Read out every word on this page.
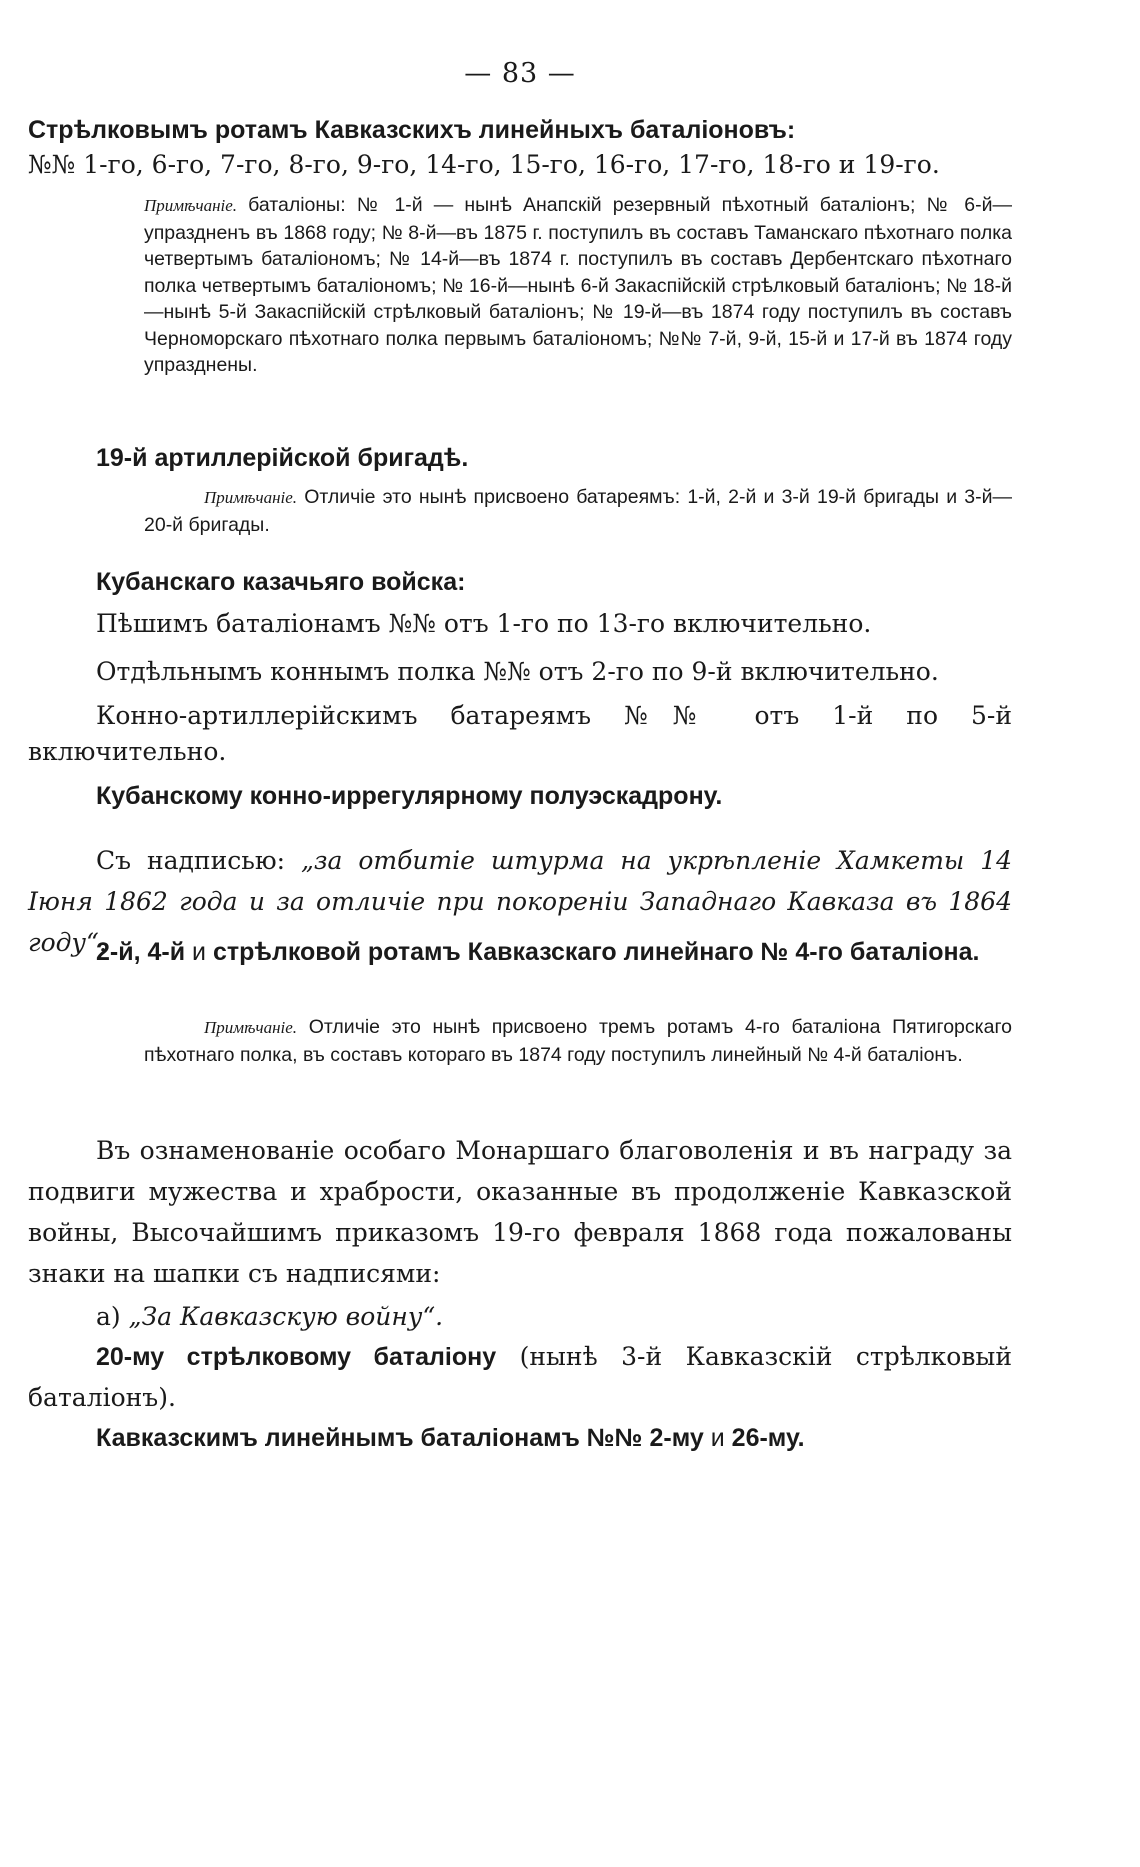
— 83 —
Стрѣлковымъ ротамъ Кавказскихъ линейныхъ баталіоновъ:
№№ 1-го, 6-го, 7-го, 8-го, 9-го, 14-го, 15-го, 16-го, 17-го, 18-го и 19-го.
Примѣчаніе. баталіоны: № 1-й — нынѣ Анапскій резервный пѣхотный баталіонъ; № 6-й—упраздненъ въ 1868 году; № 8-й—въ 1875 г. поступилъ въ составъ Таманскаго пѣхотнаго полка четвертымъ баталіономъ; № 14-й—въ 1874 г. поступилъ въ составъ Дербентскаго пѣхотнаго полка четвертымъ баталіономъ; № 16-й—нынѣ 6-й Закаспійскій стрѣлковый баталіонъ; № 18-й—нынѣ 5-й Закаспійскій стрѣлковый баталіонъ; № 19-й—въ 1874 году поступилъ въ составъ Черноморскаго пѣхотнаго полка первымъ баталіономъ; №№ 7-й, 9-й, 15-й и 17-й въ 1874 году упразднены.
19-й артиллерійской бригадѣ.
Примѣчаніе. Отличіе это нынѣ присвоено батареямъ: 1-й, 2-й и 3-й 19-й бригады и 3-й—20-й бригады.
Кубанскаго казачьяго войска:
Пѣшимъ баталіонамъ №№ отъ 1-го по 13-го включительно.
Отдѣльнымъ коннымъ полка №№ отъ 2-го по 9-й включительно.
Конно-артиллерійскимъ батареямъ №№ отъ 1-й по 5-й включительно.
Кубанскому конно-иррегулярному полуэскадрону.
Съ надписью: „за отбитіе штурма на укрѣпленіе Хамкеты 14 Іюня 1862 года и за отличіе при покореніи Западнаго Кавказа въ 1864 году“.
2-й, 4-й и стрѣлковой ротамъ Кавказскаго линейнаго № 4-го баталіона.
Примѣчаніе. Отличіе это нынѣ присвоено тремъ ротамъ 4-го баталіона Пятигорскаго пѣхотнаго полка, въ составъ котораго въ 1874 году поступилъ линейный № 4-й баталіонъ.
Въ ознаменованіе особаго Монаршаго благоволенія и въ награду за подвиги мужества и храбрости, оказанные въ продолженіе Кавказской войны, Высочайшимъ приказомъ 19-го февраля 1868 года пожалованы знаки на шапки съ надписями:
а) „За Кавказскую войну“.
20-му стрѣлковому баталіону (нынѣ 3-й Кавказскій стрѣлковый баталіонъ).
Кавказскимъ линейнымъ баталіонамъ №№ 2-му и 26-му.
